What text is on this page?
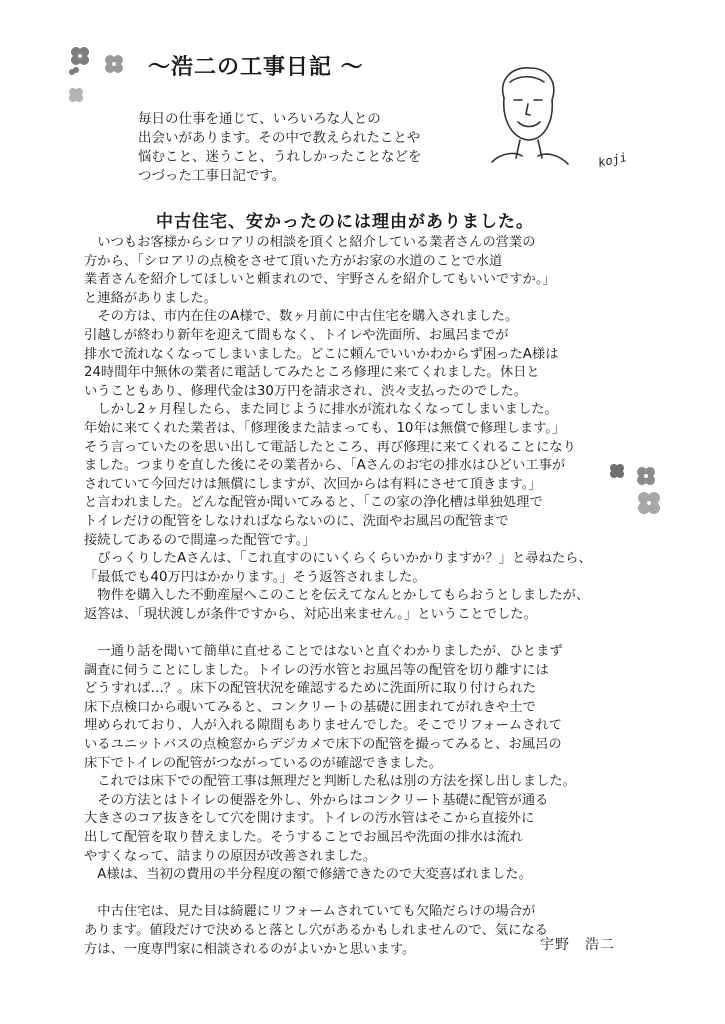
～浩二の工事日記 ～
koji

毎日の仕事を通じて、いろいろな人との

出会いがあります。その中で教えられたことや

悩むこと、迷うこと、うれしかったことなどを

つづった工事日記です。

中古住宅、安かったのには理由がありました。

　いつもお客様からシロアリの相談を頂くと紹介している業者さんの営業の

方から、「シロアリの点検をさせて頂いた方がお家の水道のことで水道

業者さんを紹介してほしいと頼まれので、宇野さんを紹介してもいいですか。」

と連絡がありました。

　その方は、市内在住のA様で、数ヶ月前に中古住宅を購入されました。

引越しが終わり新年を迎えて間もなく、トイレや洗面所、お風呂までが

排水で流れなくなってしまいました。どこに頼んでいいかわからず困ったA様は

24時間年中無休の業者に電話してみたところ修理に来てくれました。休日と

いうこともあり、修理代金は30万円を請求され、渋々支払ったのでした。

　しかし2ヶ月程したら、また同じように排水が流れなくなってしまいました。

年始に来てくれた業者は、「修理後また詰まっても、10年は無償で修理します。」

そう言っていたのを思い出して電話したところ、再び修理に来てくれることになり

ました。つまりを直した後にその業者から、「Aさんのお宅の排水はひどい工事が

されていて今回だけは無償にしますが、次回からは有料にさせて頂きます。」

と言われました。どんな配管か聞いてみると、「この家の浄化槽は単独処理で

トイレだけの配管をしなければならないのに、洗面やお風呂の配管まで

接続してあるので間違った配管です。」

　びっくりしたAさんは、「これ直すのにいくらくらいかかりますか？」と尋ねたら、

「最低でも40万円はかかります。」そう返答されました。

　物件を購入した不動産屋へこのことを伝えてなんとかしてもらおうとしましたが、

返答は、「現状渡しが条件ですから、対応出来ません。」ということでした。

　一通り話を聞いて簡単に直せることではないと直ぐわかりましたが、ひとまず

調査に伺うことにしました。トイレの汚水管とお風呂等の配管を切り離すには

どうすれば…？。床下の配管状況を確認するために洗面所に取り付けられた

床下点検口から覗いてみると、コンクリートの基礎に囲まれてがれきや土で

埋められており、人が入れる隙間もありませんでした。そこでリフォームされて

いるユニットバスの点検窓からデジカメで床下の配管を撮ってみると、お風呂の

床下でトイレの配管がつながっているのが確認できました。

　これでは床下での配管工事は無理だと判断した私は別の方法を探し出しました。

　その方法とはトイレの便器を外し、外からはコンクリート基礎に配管が通る

大きさのコア抜きをして穴を開けます。トイレの汚水管はそこから直接外に

出して配管を取り替えました。そうすることでお風呂や洗面の排水は流れ

やすくなって、詰まりの原因が改善されました。

　A様は、当初の費用の半分程度の額で修繕できたので大変喜ばれました。

　中古住宅は、見た目は綺麗にリフォームされていても欠陥だらけの場合が

あります。値段だけで決めると落とし穴があるかもしれませんので、気になる

方は、一度専門家に相談されるのがよいかと思います。	宇野　浩二
